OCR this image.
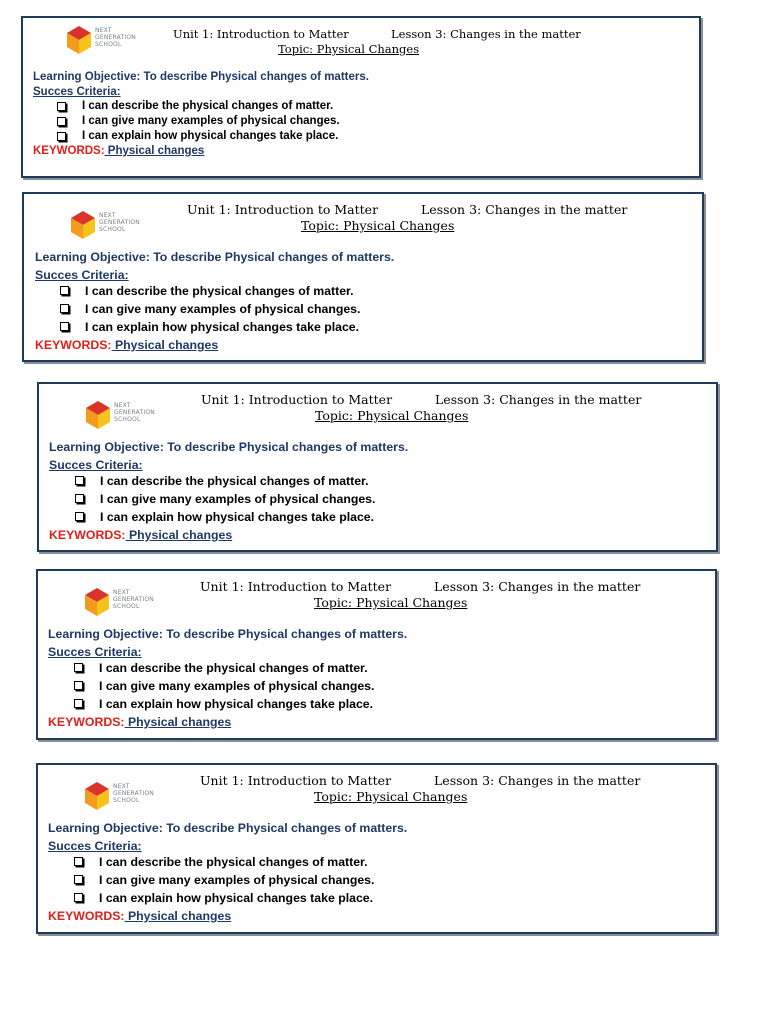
NEXT
GENERATION
SCHOOL
Unit 1: Introduction to Matter	Lesson 3: Changes in the matter
Topic: Physical Changes
Learning Objective: To describe Physical changes of matters.
Succes Criteria:
I can describe the physical changes of matter.
I can give many examples of physical changes.
I can explain how physical changes take place.
KEYWORDS: Physical changes
NEXT
GENERATION
SCHOOL
Unit 1: Introduction to Matter	Lesson 3: Changes in the matter
Topic: Physical Changes
Learning Objective: To describe Physical changes of matters.
Succes Criteria:
I can describe the physical changes of matter.
I can give many examples of physical changes.
I can explain how physical changes take place.
KEYWORDS: Physical changes
NEXT
GENERATION
SCHOOL
Unit 1: Introduction to Matter	Lesson 3: Changes in the matter
Topic: Physical Changes
Learning Objective: To describe Physical changes of matters.
Succes Criteria:
I can describe the physical changes of matter.
I can give many examples of physical changes.
I can explain how physical changes take place.
KEYWORDS: Physical changes
NEXT
GENERATION
SCHOOL
Unit 1: Introduction to Matter	Lesson 3: Changes in the matter
Topic: Physical Changes
Learning Objective: To describe Physical changes of matters.
Succes Criteria:
I can describe the physical changes of matter.
I can give many examples of physical changes.
I can explain how physical changes take place.
KEYWORDS: Physical changes
NEXT
GENERATION
SCHOOL
Unit 1: Introduction to Matter	Lesson 3: Changes in the matter
Topic: Physical Changes
Learning Objective: To describe Physical changes of matters.
Succes Criteria:
I can describe the physical changes of matter.
I can give many examples of physical changes.
I can explain how physical changes take place.
KEYWORDS: Physical changes
